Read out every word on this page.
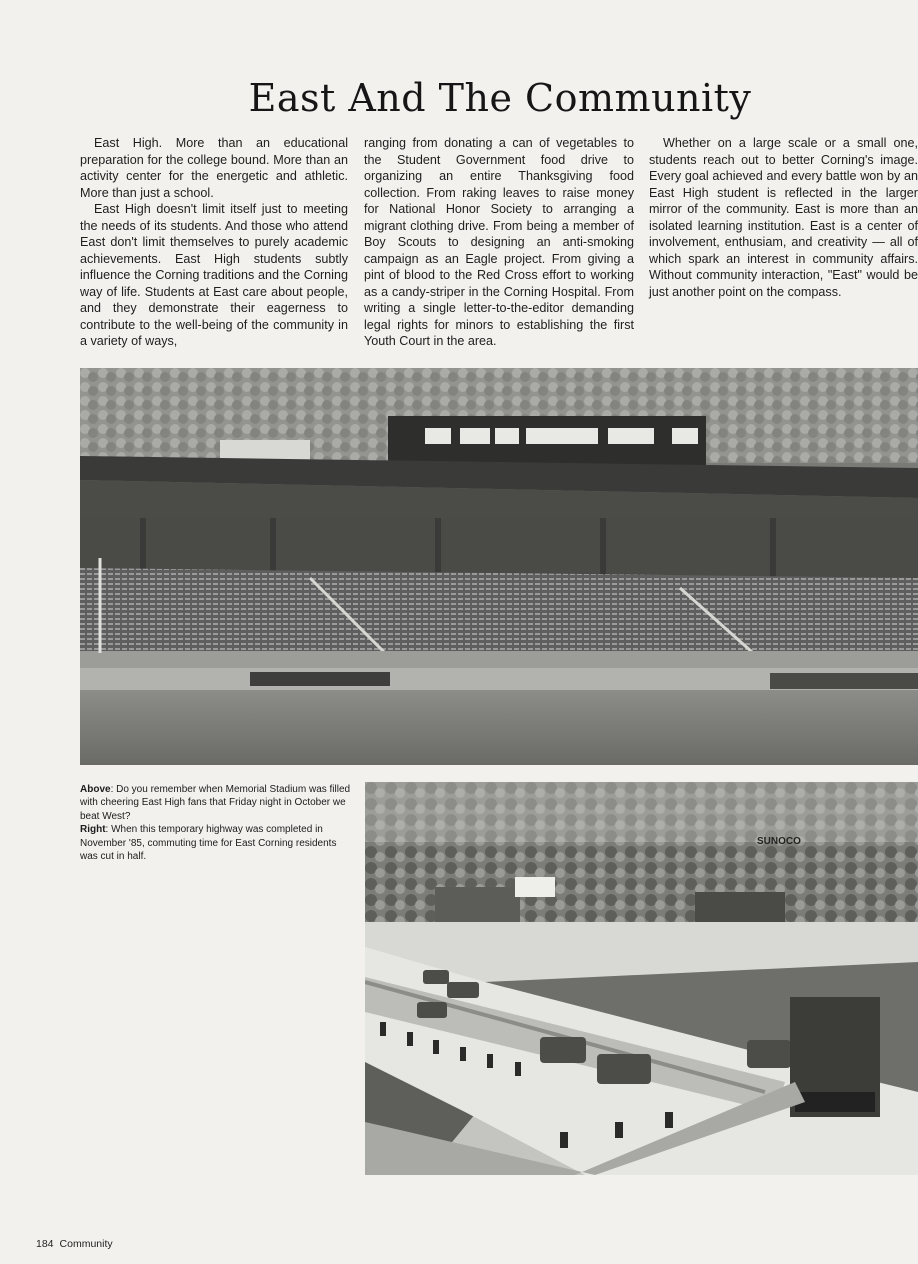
East And The Community

East High. More than an educational preparation for the college bound. More than an activity center for the energetic and athletic. More than just a school.

East High doesn't limit itself just to meeting the needs of its students. And those who attend East don't limit themselves to purely academic achievements. East High students subtly influence the Corning traditions and the Corning way of life. Students at East care about people, and they demonstrate their eagerness to contribute to the well-being of the community in a variety of ways,

ranging from donating a can of vegetables to the Student Government food drive to organizing an entire Thanksgiving food collection. From raking leaves to raise money for National Honor Society to arranging a migrant clothing drive. From being a member of Boy Scouts to designing an anti-smoking campaign as an Eagle project. From giving a pint of blood to the Red Cross effort to working as a candy-striper in the Corning Hospital. From writing a single letter-to-the-editor demanding legal rights for minors to establishing the first Youth Court in the area.

Whether on a large scale or a small one, students reach out to better Corning's image. Every goal achieved and every battle won by an East High student is reflected in the larger mirror of the community. East is more than an isolated learning institution. East is a center of involvement, enthusiam, and creativity — all of which spark an interest in community affairs. Without community interaction, "East" would be just another point on the compass.

Above: Do you remember when Memorial Stadium was filled with cheering East High fans that Friday night in October we beat West?

Right: When this temporary highway was completed in November '85, commuting time for East Corning residents was cut in half.

SUNOCO
184 Community
